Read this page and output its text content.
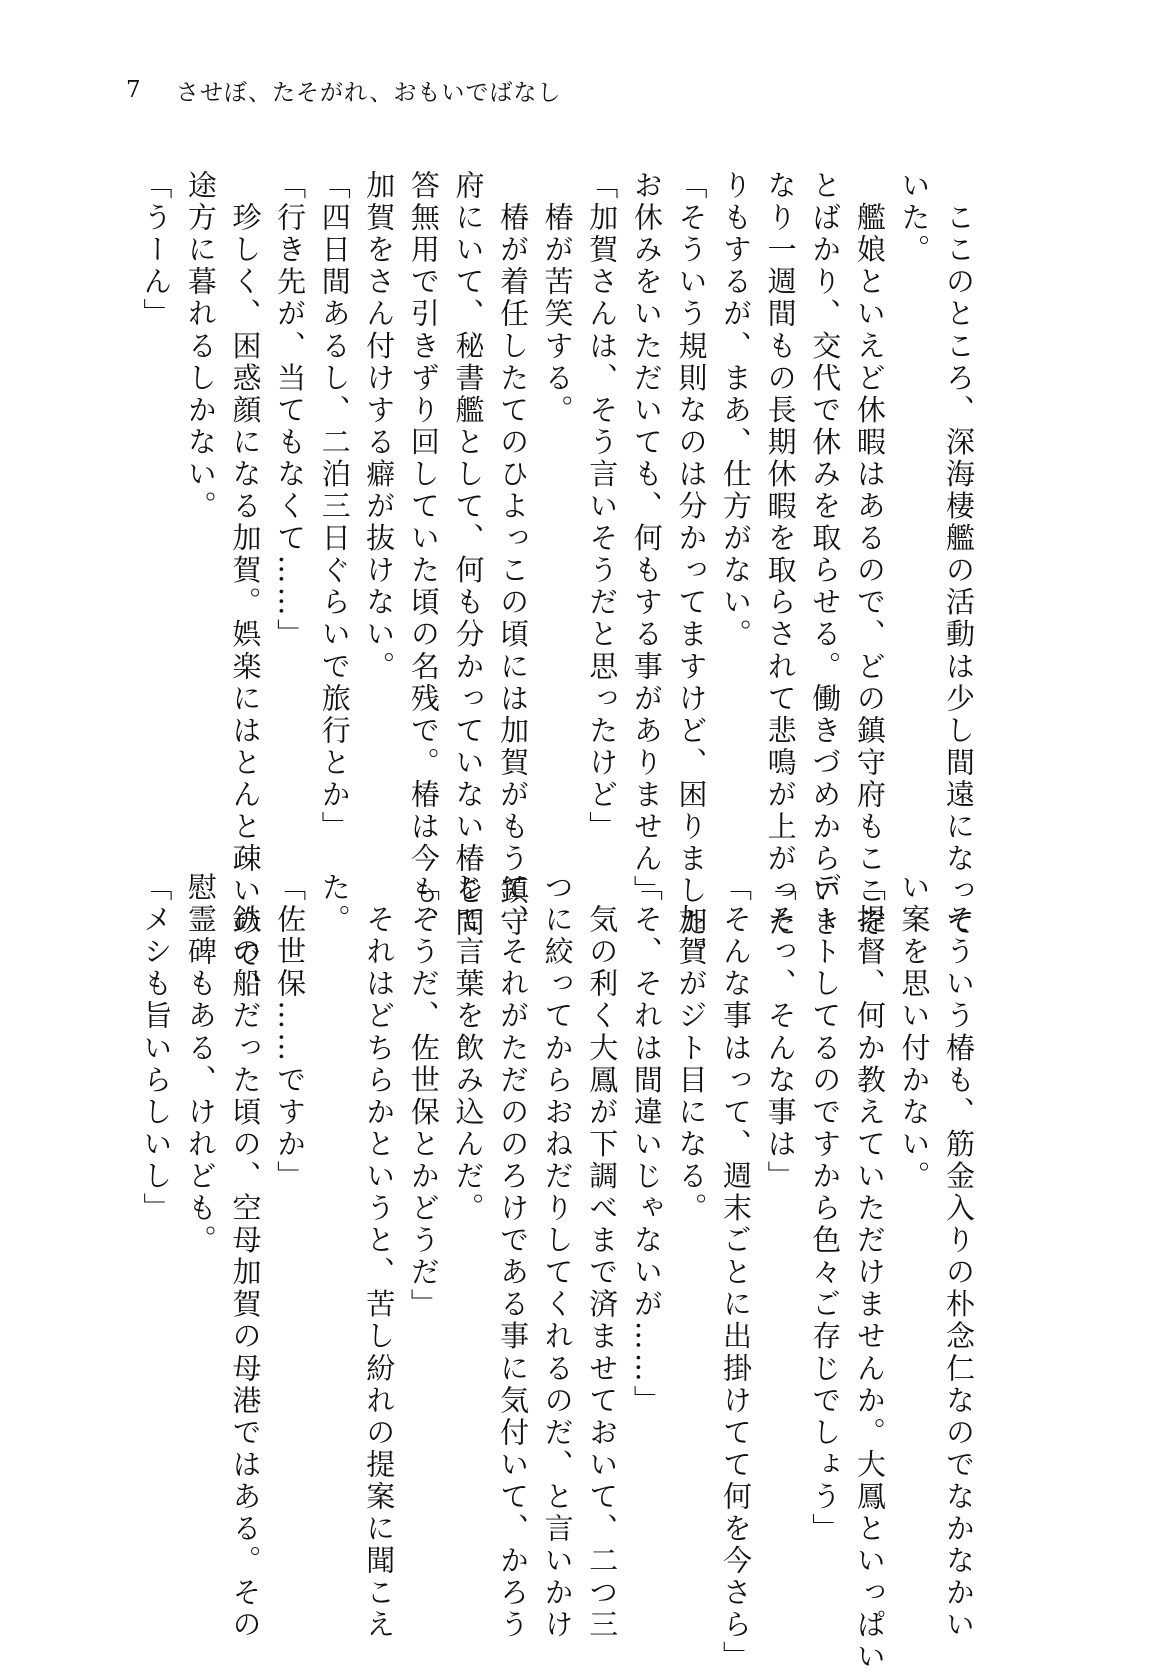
7	させぼ、たそがれ、おもいでばなし
　ここのところ、深海棲艦の活動は少し間遠になって
いた。
　艦娘といえど休暇はあるので、どの鎮守府もここぞ
とばかり、交代で休みを取らせる。働きづめからいき
なり一週間もの長期休暇を取らされて悲鳴が上がった
りもするが、まあ、仕方がない。
「そういう規則なのは分かってますけど、困りました。
お休みをいただいても、何もする事がありません」
「加賀さんは、そう言いそうだと思ったけど」
　椿が苦笑する。
　椿が着任したてのひよっこの頃には加賀がもう鎮守
府にいて、秘書艦として、何も分かっていない椿を問
答無用で引きずり回していた頃の名残で。椿は今も、
加賀をさん付けする癖が抜けない。
「四日間あるし、二泊三日ぐらいで旅行とか」
「行き先が、当てもなくて……」
　珍しく、困惑顔になる加賀。娯楽にはとんと疎いので、
途方に暮れるしかない。
「うーん」
　そういう椿も、筋金入りの朴念仁なのでなかなかい
い案を思い付かない。
「提督、何か教えていただけませんか。大鳳といっぱい
デートしてるのですから色々ご存じでしょう」
「そっ、そんな事は」
「そんな事はって、週末ごとに出掛けてて何を今さら」
　加賀がジト目になる。
「そ、それは間違いじゃないが……」
　気の利く大鳳が下調べまで済ませておいて、二つ三
つに絞ってからおねだりしてくれるのだ、と言いかけ
て、それがただののろけである事に気付いて、かろう
じて言葉を飲み込んだ。
「そうだ、佐世保とかどうだ」
　それはどちらかというと、苦し紛れの提案に聞こえ
た。
「佐世保……ですか」
　鉄の船だった頃の、空母加賀の母港ではある。その
慰霊碑もある、けれども。
「メシも旨いらしいし」
